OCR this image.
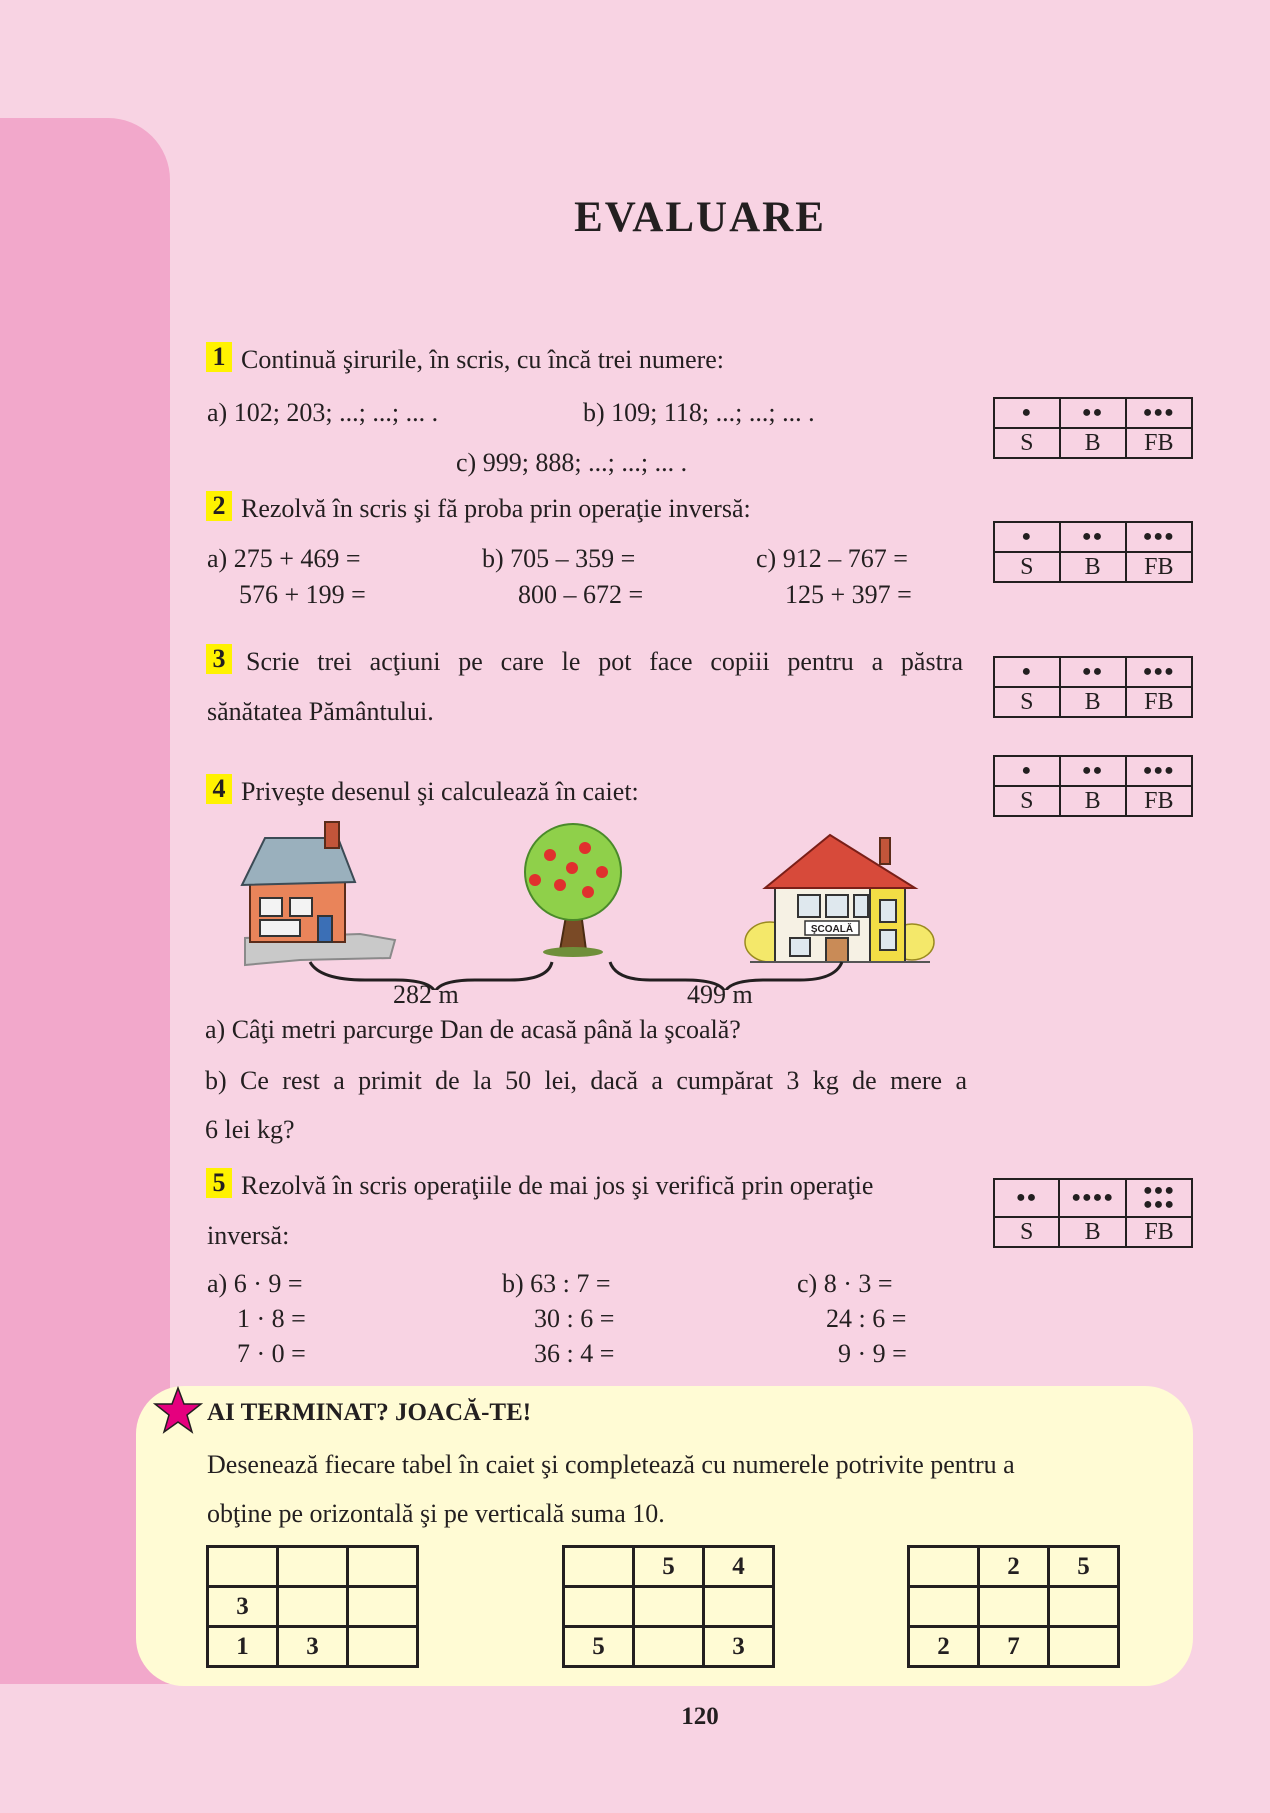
EVALUARE
1 Continuă şirurile, în scris, cu încă trei numere:
a) 102; 203; ...; ...; ... .	b) 109; 118; ...; ...; ... .
c) 999; 888; ...; ...; ... .
2 Rezolvă în scris şi fă proba prin operaţie inversă:
a) 275 + 469 =
576 + 199 =
b) 705 – 359 =
800 – 672 =
c) 912 – 767 =
125 + 397 =
3 Scrie trei acţiuni pe care le pot face copiii pentru a păstra
sănătatea Pământului.
4 Priveşte desenul şi calculează în caiet:
ŞCOALĂ
282 m	499 m
a) Câţi metri parcurge Dan de acasă până la şcoală?
b) Ce rest a primit de la 50 lei, dacă a cumpărat 3 kg de mere a
6 lei kg?
5 Rezolvă în scris operaţiile de mai jos şi verifică prin operaţie
inversă:
a) 6 · 9 =
1 · 8 =
7 · 0 =
b) 63 : 7 =
30 : 6 =
36 : 4 =
c) 8 · 3 =
24 : 6 =
9 · 9 =
●	●●	●●●
S	B	FB
●	●●	●●●
S	B	FB
●	●●	●●●
S	B	FB
●	●●	●●●
S	B	FB
●●	●●●●	●●●
●●●
S	B	FB
AI TERMINAT? JOACĂ-TE!
Desenează fiecare tabel în caiet şi completează cu numerele potrivite pentru a
obţine pe orizontală şi pe verticală suma 10.

3		
1	3	
	5	4

5		3
	2	5

2	7	
120
